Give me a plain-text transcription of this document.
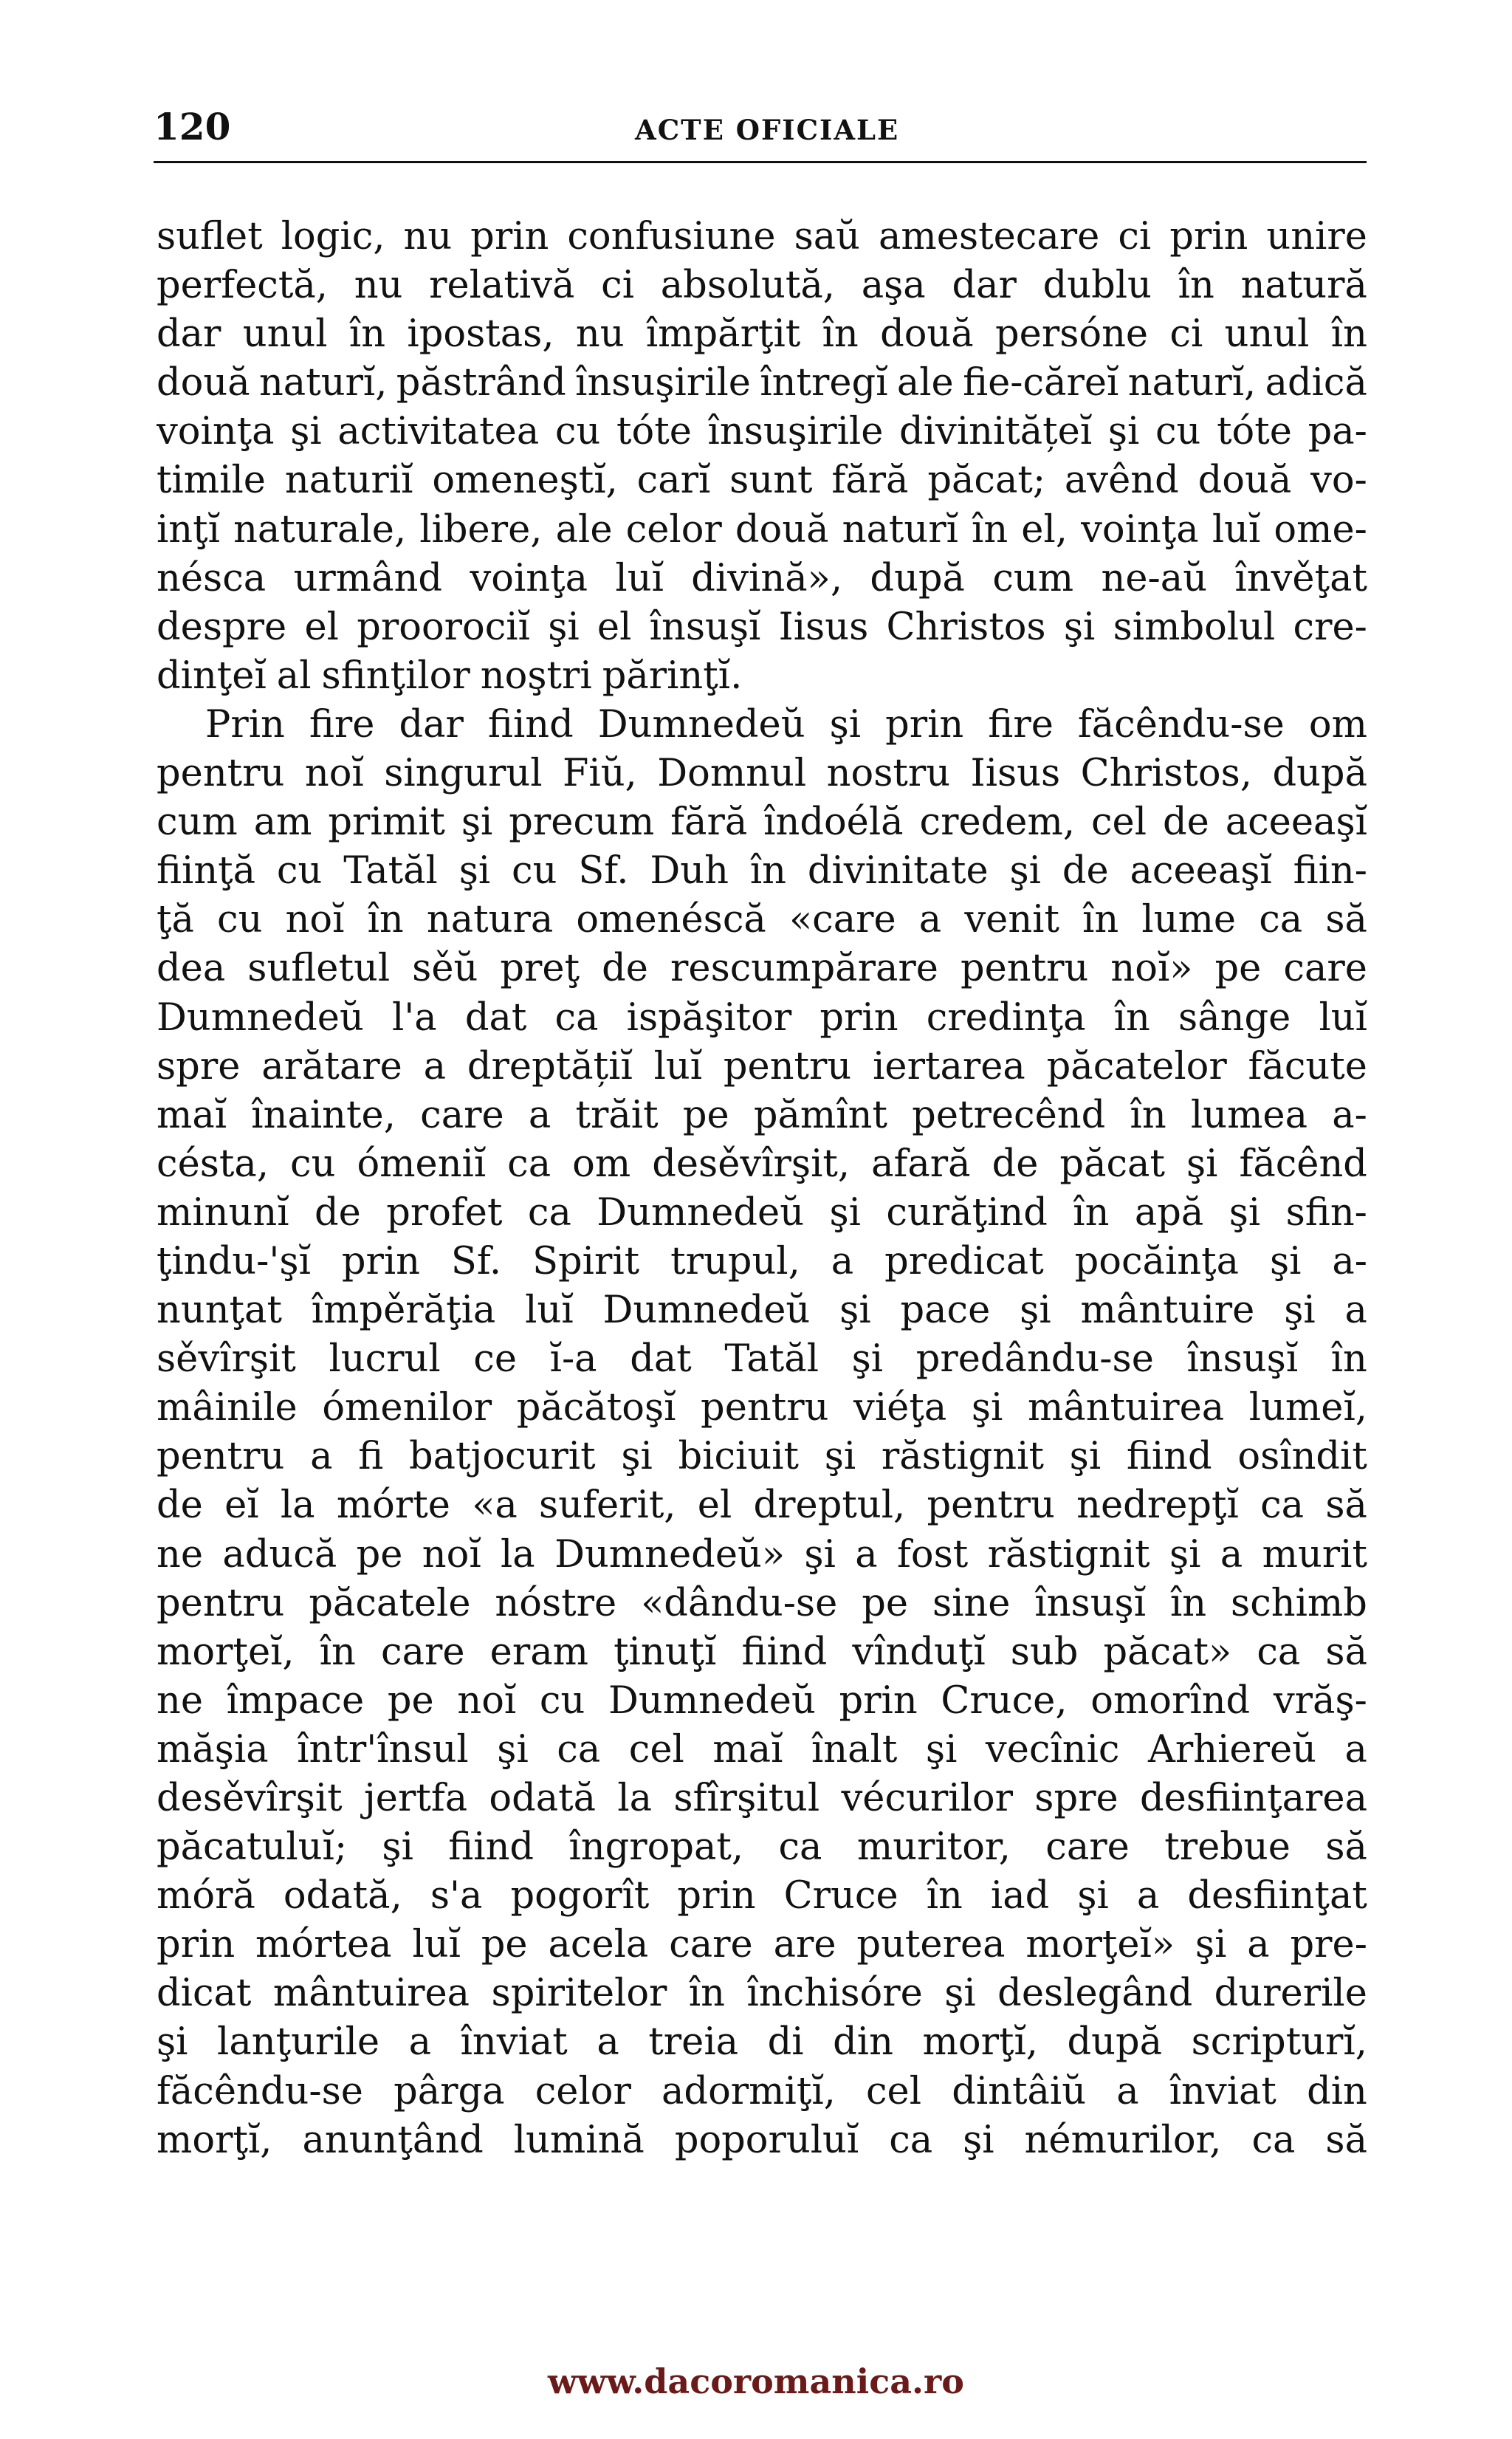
120	ACTE OFICIALE
suflet logic, nu prin confusiune saŭ amestecare ci prin unire
perfectă, nu relativă ci absolută, aşa dar dublu în natură
dar unul în ipostas, nu împărţit în două persóne ci unul în
două naturĭ, păstrând însuşirile întregĭ ale fie-căreĭ naturĭ, adică
voinţa şi activitatea cu tóte însuşirile divinitățeĭ şi cu tóte pa-
timile naturiĭ omeneştĭ, carĭ sunt fără păcat; avênd două vo-
inţĭ naturale, libere, ale celor două naturĭ în el, voinţa luĭ ome-
nésca urmând voinţa luĭ divină», după cum ne-aŭ învěţat
despre el proorociĭ şi el însuşĭ Iisus Christos şi simbolul cre-
dinţeĭ al sfinţilor noştri părinţĭ.
Prin fire dar fiind Dumnedeŭ şi prin fire făcêndu-se om
pentru noĭ singurul Fiŭ, Domnul nostru Iisus Christos, după
cum am primit şi precum fără îndoélă credem, cel de aceeaşĭ
fiinţă cu Tatăl şi cu Sf. Duh în divinitate şi de aceeaşĭ fiin-
ţă cu noĭ în natura omenéscă «care a venit în lume ca să
dea sufletul sěŭ preţ de rescumpărare pentru noĭ» pe care
Dumnedeŭ l'a dat ca ispăşitor prin credinţa în sânge luĭ
spre arătare a dreptățiĭ luĭ pentru iertarea păcatelor făcute
maĭ înainte, care a trăit pe pămînt petrecênd în lumea a-
césta, cu ómeniĭ ca om desěvîrşit, afară de păcat şi făcênd
minunĭ de profet ca Dumnedeŭ şi curăţind în apă şi sfin-
ţindu-'şĭ prin Sf. Spirit trupul, a predicat pocăinţa şi a-
nunţat împěrăţia luĭ Dumnedeŭ şi pace şi mântuire şi a
sěvîrşit lucrul ce ĭ-a dat Tatăl şi predându-se însuşĭ în
mâinile ómenilor păcătoşĭ pentru viéţa şi mântuirea lumeĭ,
pentru a fi batjocurit şi biciuit şi răstignit şi fiind osîndit
de eĭ la mórte «a suferit, el dreptul, pentru nedrepţĭ ca să
ne aducă pe noĭ la Dumnedeŭ» şi a fost răstignit şi a murit
pentru păcatele nóstre «dându-se pe sine însuşĭ în schimb
morţeĭ, în care eram ţinuţĭ fiind vînduţĭ sub păcat» ca să
ne împace pe noĭ cu Dumnedeŭ prin Cruce, omorînd vrăş-
măşia într'însul şi ca cel maĭ înalt şi vecînic Arhiereŭ a
desěvîrşit jertfa odată la sfîrşitul vécurilor spre desfiinţarea
păcatuluĭ; şi fiind îngropat, ca muritor, care trebue să
móră odată, s'a pogorît prin Cruce în iad şi a desfiinţat
prin mórtea luĭ pe acela care are puterea morţeĭ» şi a pre-
dicat mântuirea spiritelor în închisóre şi deslegând durerile
şi lanţurile a înviat a treia di din morţĭ, după scripturĭ,
făcêndu-se pârga celor adormiţĭ, cel dintâiŭ a înviat din
morţĭ, anunţând lumină poporuluĭ ca şi némurilor, ca să
www.dacoromanica.ro
